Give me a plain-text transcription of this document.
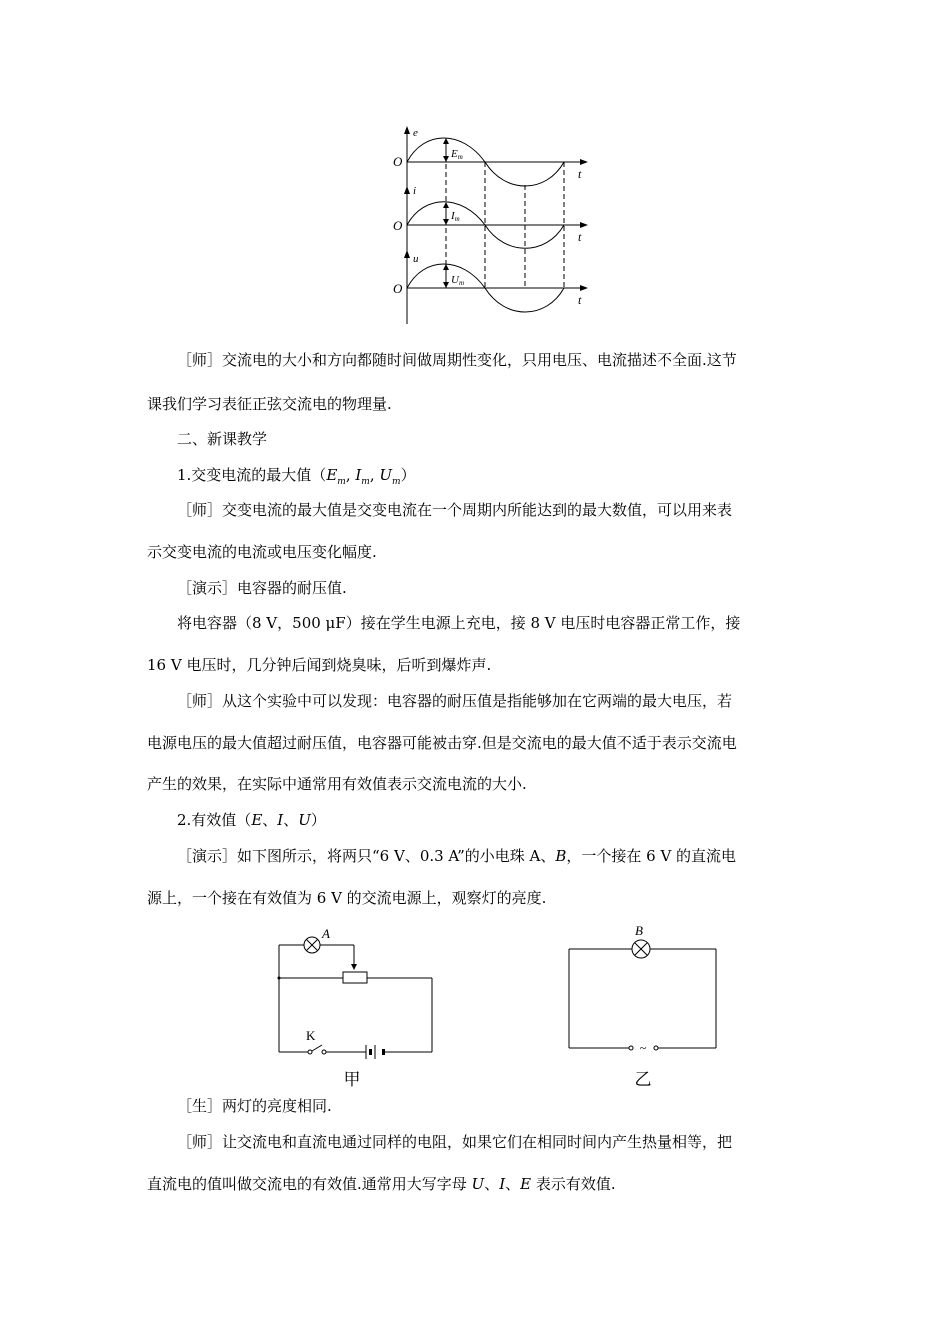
e
O
t
Em
i
O
t
Im
u
O
t
Um
［师］交流电的大小和方向都随时间做周期性变化，只用电压、电流描述不全面.这节
课我们学习表征正弦交流电的物理量.
二、新课教学
1.交变电流的最大值（$E_m$, $I_m$, $U_m$）
［师］交变电流的最大值是交变电流在一个周期内所能达到的最大数值，可以用来表
示交变电流的电流或电压变化幅度.
［演示］电容器的耐压值.
将电容器（8 V，500 μF）接在学生电源上充电，接 8 V 电压时电容器正常工作，接
16 V 电压时，几分钟后闻到烧臭味，后听到爆炸声.
［师］从这个实验中可以发现：电容器的耐压值是指能够加在它两端的最大电压，若
电源电压的最大值超过耐压值，电容器可能被击穿.但是交流电的最大值不适于表示交流电
产生的效果，在实际中通常用有效值表示交流电流的大小.
2.有效值（E、I、U）
［演示］如下图所示，将两只“6 V、0.3 A”的小电珠 A、B，一个接在 6 V 的直流电
源上，一个接在有效值为 6 V 的交流电源上，观察灯的亮度.
A
K
甲
B
~
乙
［生］两灯的亮度相同.
［师］让交流电和直流电通过同样的电阻，如果它们在相同时间内产生热量相等，把
直流电的值叫做交流电的有效值.通常用大写字母 U、I、E 表示有效值.
